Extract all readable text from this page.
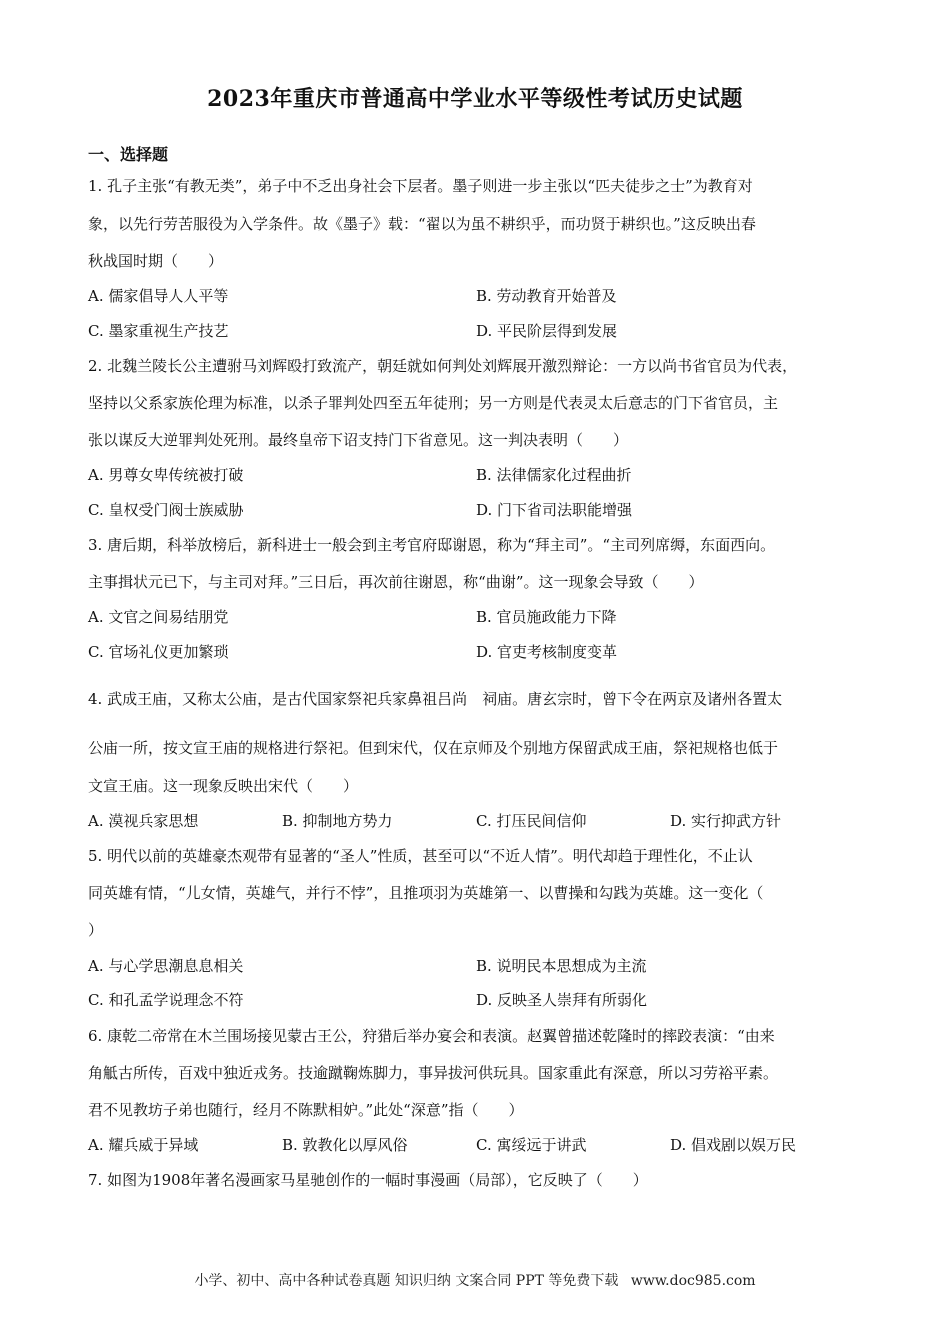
2023年重庆市普通高中学业水平等级性考试历史试题
一、选择题
1. 孔子主张“有教无类”，弟子中不乏出身社会下层者。墨子则进一步主张以“匹夫徒步之士”为教育对
象，以先行劳苦服役为入学条件。故《墨子》载：“翟以为虽不耕织乎，而功贤于耕织也。”这反映出春
秋战国时期（　　）
A. 儒家倡导人人平等	B. 劳动教育开始普及
C. 墨家重视生产技艺	D. 平民阶层得到发展
2. 北魏兰陵长公主遭驸马刘辉殴打致流产，朝廷就如何判处刘辉展开激烈辩论：一方以尚书省官员为代表，
坚持以父系家族伦理为标准，以杀子罪判处四至五年徒刑；另一方则是代表灵太后意志的门下省官员，主
张以谋反大逆罪判处死刑。最终皇帝下诏支持门下省意见。这一判决表明（　　）
A. 男尊女卑传统被打破	B. 法律儒家化过程曲折
C. 皇权受门阀士族威胁	D. 门下省司法职能增强
3. 唐后期，科举放榜后，新科进士一般会到主考官府邸谢恩，称为“拜主司”。“主司列席缛，东面西向。
主事揖状元已下，与主司对拜。”三日后，再次前往谢恩，称“曲谢”。这一现象会导致（　　）
A. 文官之间易结朋党	B. 官员施政能力下降
C. 官场礼仪更加繁琐	D. 官吏考核制度变革
4. 武成王庙，又称太公庙，是古代国家祭祀兵家鼻祖吕尚　祠庙。唐玄宗时，曾下令在两京及诸州各置太
公庙一所，按文宣王庙的规格进行祭祀。但到宋代，仅在京师及个别地方保留武成王庙，祭祀规格也低于
文宣王庙。这一现象反映出宋代（　　）
A. 漠视兵家思想	B. 抑制地方势力	C. 打压民间信仰	D. 实行抑武方针
5. 明代以前的英雄豪杰观带有显著的“圣人”性质，甚至可以“不近人情”。明代却趋于理性化，不止认
同英雄有情，“儿女情，英雄气，并行不悖”，且推项羽为英雄第一、以曹操和勾践为英雄。这一变化（
）
A. 与心学思潮息息相关	B. 说明民本思想成为主流
C. 和孔孟学说理念不符	D. 反映圣人崇拜有所弱化
6. 康乾二帝常在木兰围场接见蒙古王公，狩猎后举办宴会和表演。赵翼曾描述乾隆时的摔跤表演：“由来
角觝古所传，百戏中独近戎务。技逾蹴鞠炼脚力，事异拔河供玩具。国家重此有深意，所以习劳裕平素。
君不见教坊子弟也随行，经月不陈默相妒。”此处“深意”指（　　）
A. 耀兵威于异域	B. 敦教化以厚风俗	C. 寓绥远于讲武	D. 倡戏剧以娱万民
7. 如图为1908年著名漫画家马星驰创作的一幅时事漫画（局部），它反映了（　　）
小学、初中、高中各种试卷真题 知识归纳 文案合同 PPT 等免费下载 www.doc985.com
